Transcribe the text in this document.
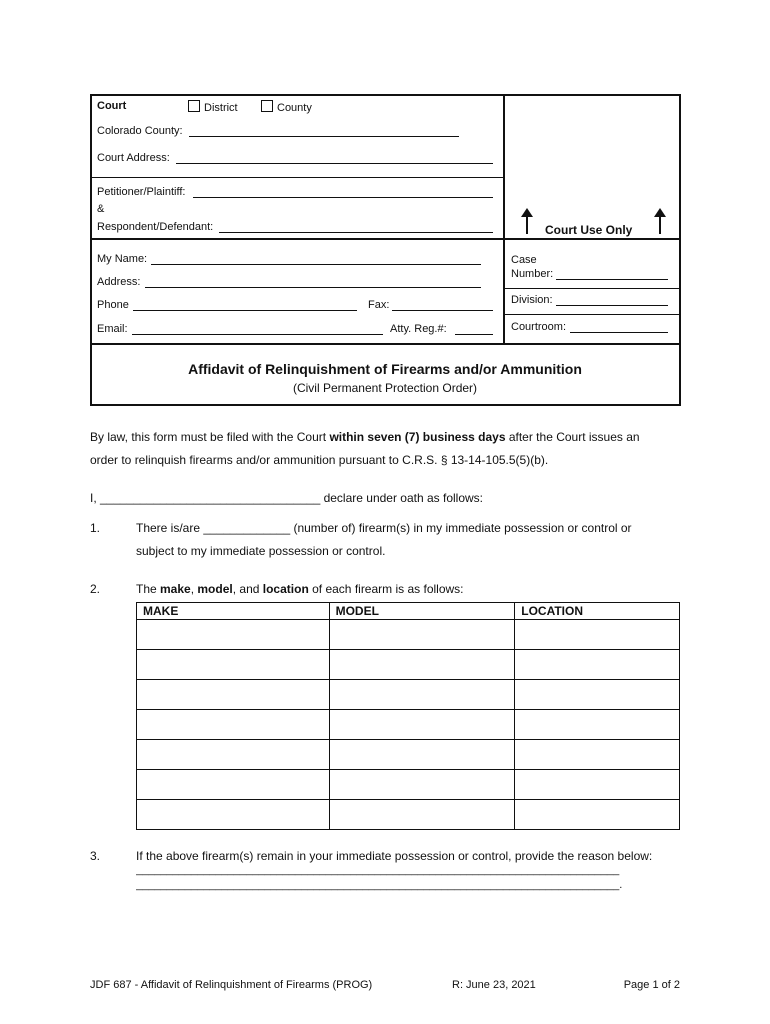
Court	District	County
Colorado County:
Court Address:
Petitioner/Plaintiff:
&
Respondent/Defendant:	Court Use Only
My Name:
Address:
Phone	Fax:
Email:	Atty. Reg.#:
Case
Number:
Division:
Courtroom:
Affidavit of Relinquishment of Firearms and/or Ammunition
(Civil Permanent Protection Order)
By law, this form must be filed with the Court within seven (7) business days after the Court issues an
order to relinquish firearms and/or ammunition pursuant to C.R.S. § 13-14-105.5(5)(b).
I, _________________________________ declare under oath as follows:
1.	There is/are _____________ (number of) firearm(s) in my immediate possession or control or
subject to my immediate possession or control.
2.	The make, model, and location of each firearm is as follows:
MAKE	MODEL	LOCATION

3.	If the above firearm(s) remain in your immediate possession or control, provide the reason below:
_______________________________________________________________________________
_______________________________________________________________________________.
JDF 687 - Affidavit of Relinquishment of Firearms (PROG)	R: June 23, 2021	Page 1 of 2
